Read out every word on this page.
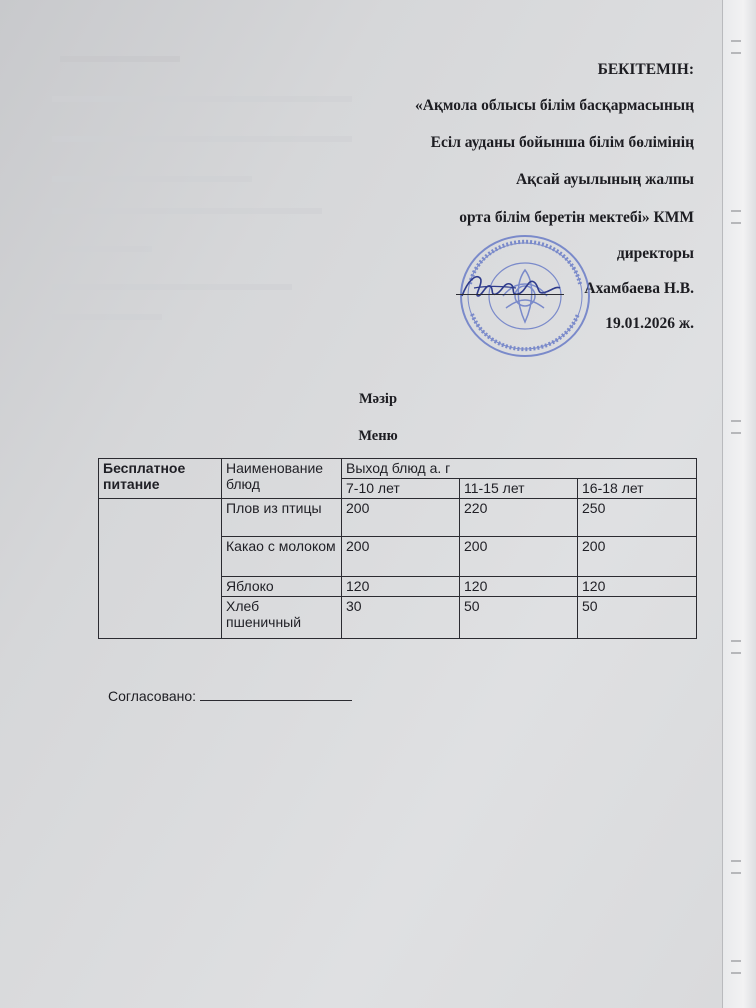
БЕКІТЕМІН:
«Ақмола облысы білім басқармасының
Есіл ауданы бойынша білім бөлімінің
Ақсай ауылының жалпы
орта білім беретін мектебі» КММ
директоры
Ахамбаева Н.В.
19.01.2026 ж.
Мәзір
Меню
Бесплатное питание	Наименование блюд	Выход блюд а. г		
		7-10 лет	11-15 лет	16-18 лет
	Плов из птицы	200	220	250
	Какао с молоком	200	200	200
	Яблоко	120	120	120
	Хлеб пшеничный	30	50	50
Согласовано:
